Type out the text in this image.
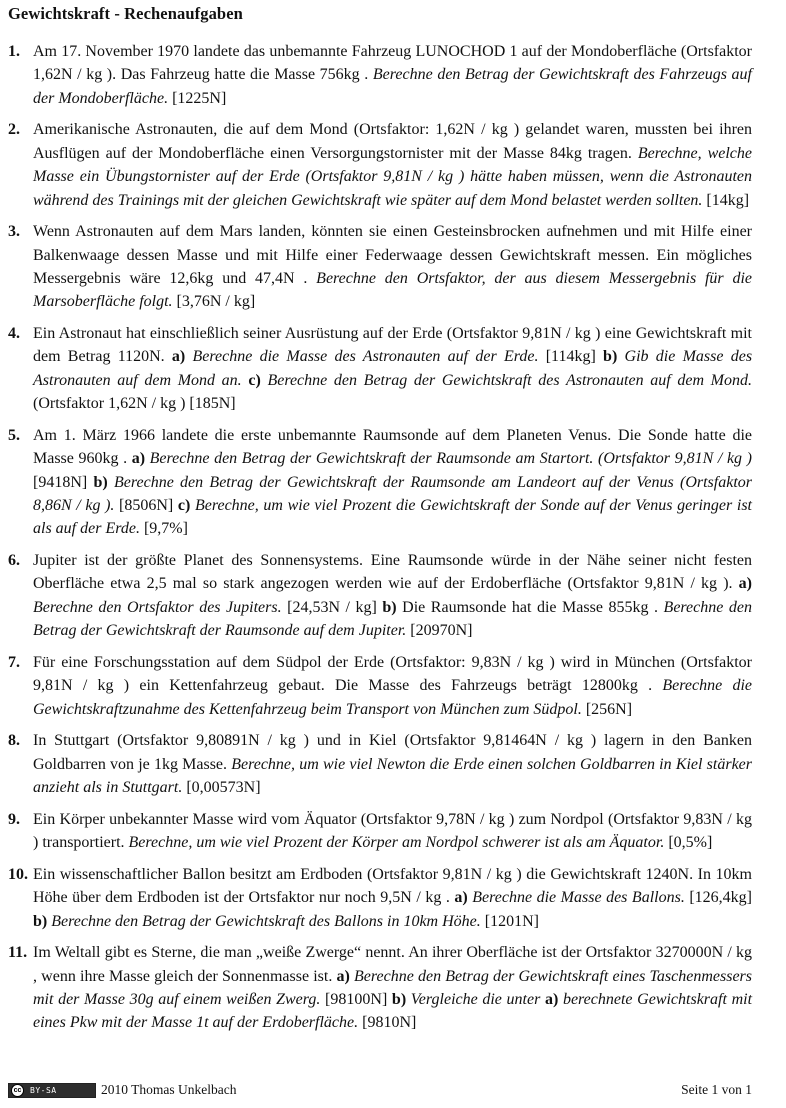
Gewichtskraft - Rechenaufgaben
1. Am 17. November 1970 landete das unbemannte Fahrzeug LUNOCHOD 1 auf der Mondoberfläche (Ortsfaktor 1,62N / kg ). Das Fahrzeug hatte die Masse 756kg . Berechne den Betrag der Gewichtskraft des Fahrzeugs auf der Mondoberfläche. [1225N]
2. Amerikanische Astronauten, die auf dem Mond (Ortsfaktor: 1,62N / kg ) gelandet waren, mussten bei ihren Ausflügen auf der Mondoberfläche einen Versorgungstornister mit der Masse 84kg tragen. Berechne, welche Masse ein Übungstornister auf der Erde (Ortsfaktor 9,81N / kg ) hätte haben müssen, wenn die Astronauten während des Trainings mit der gleichen Gewichtskraft wie später auf dem Mond belastet werden sollten. [14kg]
3. Wenn Astronauten auf dem Mars landen, könnten sie einen Gesteinsbrocken aufnehmen und mit Hilfe einer Balkenwaage dessen Masse und mit Hilfe einer Federwaage dessen Gewichtskraft messen. Ein mögliches Messergebnis wäre 12,6kg und 47,4N . Berechne den Ortsfaktor, der aus diesem Messergebnis für die Marsoberfläche folgt. [3,76N / kg]
4. Ein Astronaut hat einschließlich seiner Ausrüstung auf der Erde (Ortsfaktor 9,81N / kg ) eine Gewichtskraft mit dem Betrag 1120N. a) Berechne die Masse des Astronauten auf der Erde. [114kg] b) Gib die Masse des Astronauten auf dem Mond an. c) Berechne den Betrag der Gewichtskraft des Astronauten auf dem Mond. (Ortsfaktor 1,62N / kg ) [185N]
5. Am 1. März 1966 landete die erste unbemannte Raumsonde auf dem Planeten Venus. Die Sonde hatte die Masse 960kg . a) Berechne den Betrag der Gewichtskraft der Raumsonde am Startort. (Ortsfaktor 9,81N / kg ) [9418N] b) Berechne den Betrag der Gewichtskraft der Raumsonde am Landeort auf der Venus (Ortsfaktor 8,86N / kg ). [8506N] c) Berechne, um wie viel Prozent die Gewichtskraft der Sonde auf der Venus geringer ist als auf der Erde. [9,7%]
6. Jupiter ist der größte Planet des Sonnensystems. Eine Raumsonde würde in der Nähe seiner nicht festen Oberfläche etwa 2,5 mal so stark angezogen werden wie auf der Erdoberfläche (Ortsfaktor 9,81N / kg ). a) Berechne den Ortsfaktor des Jupiters. [24,53N / kg] b) Die Raumsonde hat die Masse 855kg . Berechne den Betrag der Gewichtskraft der Raumsonde auf dem Jupiter. [20970N]
7. Für eine Forschungsstation auf dem Südpol der Erde (Ortsfaktor: 9,83N / kg ) wird in München (Ortsfaktor 9,81N / kg ) ein Kettenfahrzeug gebaut. Die Masse des Fahrzeugs beträgt 12800kg . Berechne die Gewichtskraftzunahme des Kettenfahrzeug beim Transport von München zum Südpol. [256N]
8. In Stuttgart (Ortsfaktor 9,80891N / kg ) und in Kiel (Ortsfaktor 9,81464N / kg ) lagern in den Banken Goldbarren von je 1kg Masse. Berechne, um wie viel Newton die Erde einen solchen Goldbarren in Kiel stärker anzieht als in Stuttgart. [0,00573N]
9. Ein Körper unbekannter Masse wird vom Äquator (Ortsfaktor 9,78N / kg ) zum Nordpol (Ortsfaktor 9,83N / kg ) transportiert. Berechne, um wie viel Prozent der Körper am Nordpol schwerer ist als am Äquator. [0,5%]
10. Ein wissenschaftlicher Ballon besitzt am Erdboden (Ortsfaktor 9,81N / kg ) die Gewichtskraft 1240N. In 10km Höhe über dem Erdboden ist der Ortsfaktor nur noch 9,5N / kg . a) Berechne die Masse des Ballons. [126,4kg] b) Berechne den Betrag der Gewichtskraft des Ballons in 10km Höhe. [1201N]
11. Im Weltall gibt es Sterne, die man „weiße Zwerge“ nennt. An ihrer Oberfläche ist der Ortsfaktor 3270000N / kg , wenn ihre Masse gleich der Sonnenmasse ist. a) Berechne den Betrag der Gewichtskraft eines Taschenmessers mit der Masse 30g auf einem weißen Zwerg. [98100N] b) Vergleiche die unter a) berechnete Gewichtskraft mit eines Pkw mit der Masse 1t auf der Erdoberfläche. [9810N]
cc	BY-SA	2010 Thomas Unkelbach	Seite 1 von 1
